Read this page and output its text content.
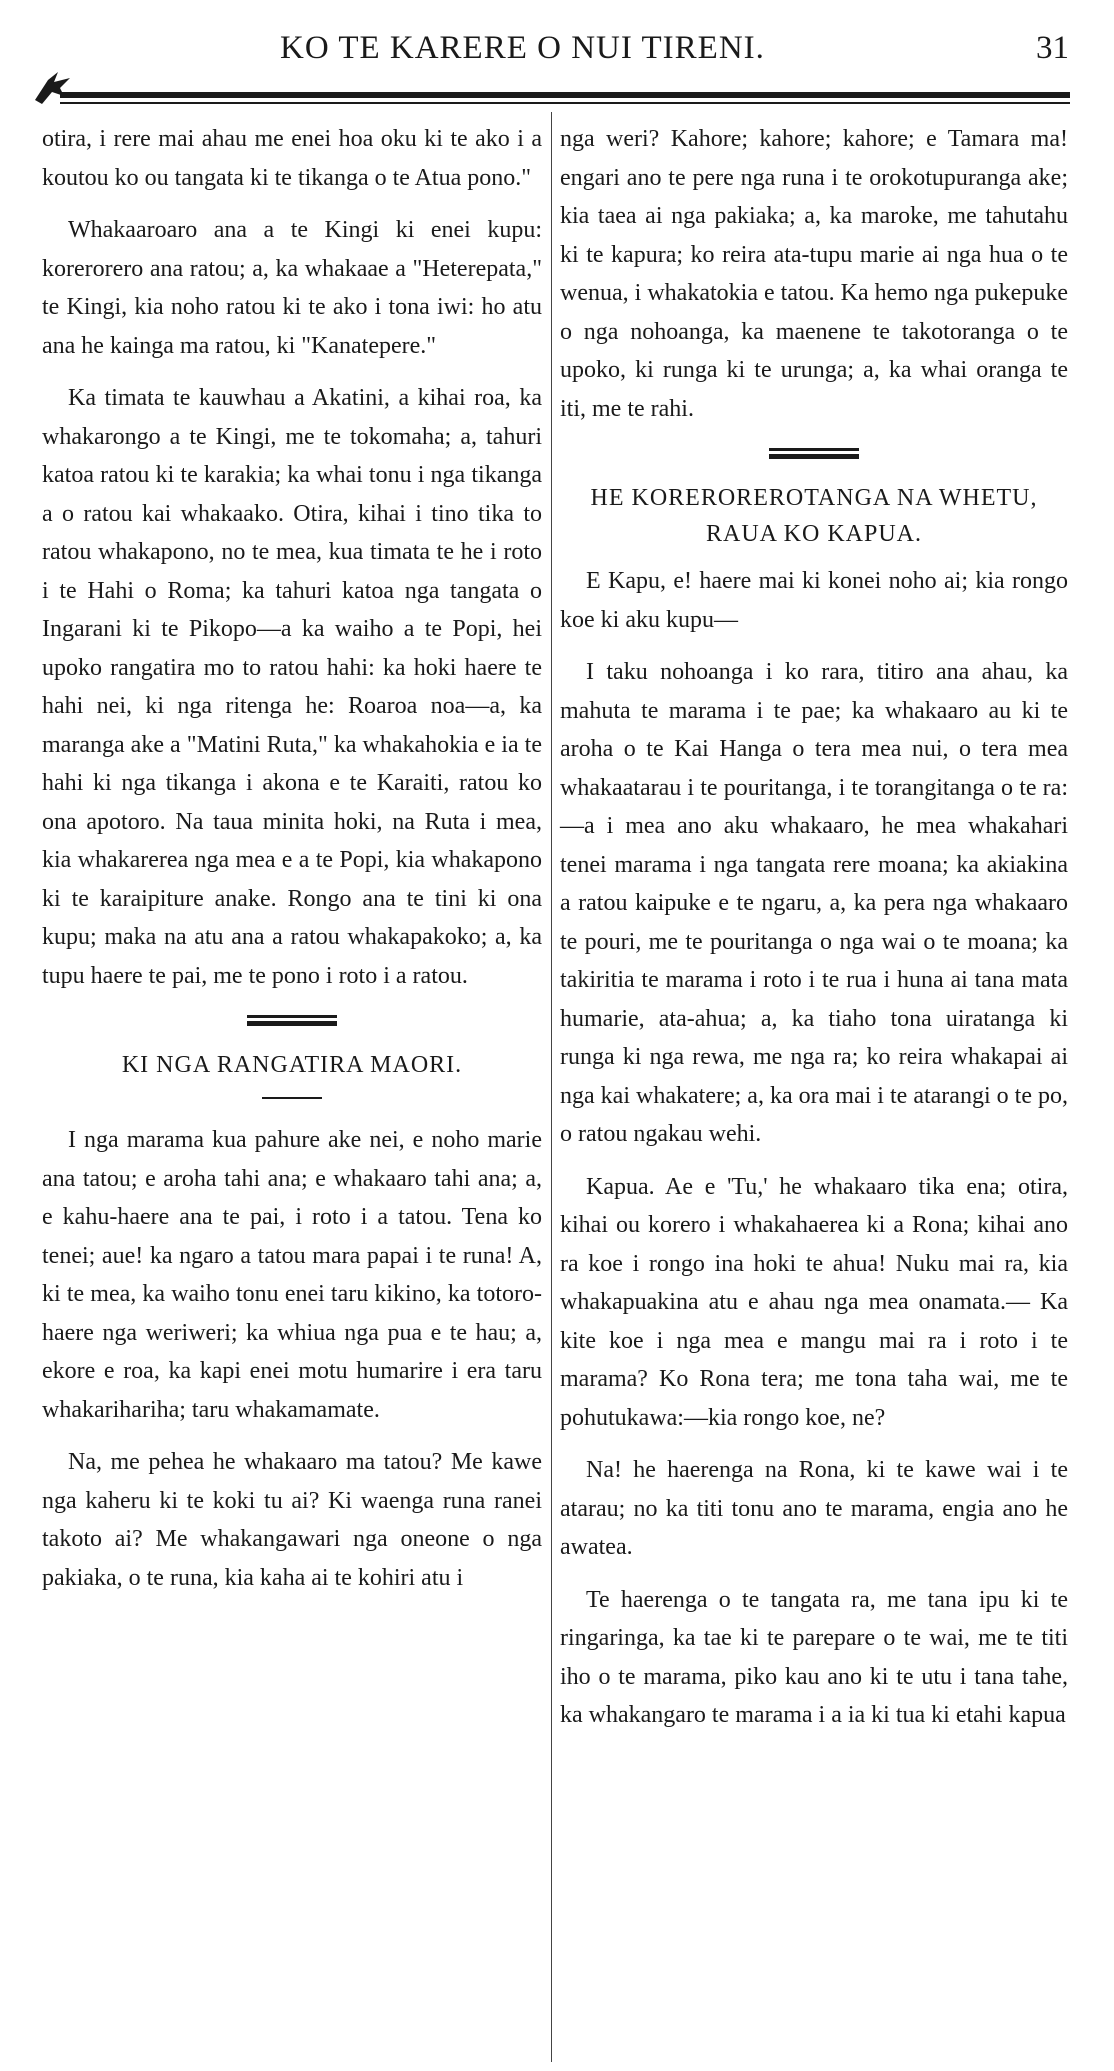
KO TE KARERE O NUI TIRENI.	31

otira, i rere mai ahau me enei hoa oku ki te ako i a koutou ko ou tangata ki te tikanga o te Atua pono."

Whakaaroaro ana a te Kingi ki enei kupu: korerorero ana ratou; a, ka whakaae a "Heterepata," te Kingi, kia noho ratou ki te ako i tona iwi: ho atu ana he kainga ma ratou, ki "Kanatepere."

Ka timata te kauwhau a Akatini, a kihai roa, ka whakarongo a te Kingi, me te tokomaha; a, tahuri katoa ratou ki te karakia; ka whai tonu i nga tikanga a o ratou kai whakaako. Otira, kihai i tino tika to ratou whakapono, no te mea, kua timata te he i roto i te Hahi o Roma; ka tahuri katoa nga tangata o Ingarani ki te Pikopo—a ka waiho a te Popi, hei upoko rangatira mo to ratou hahi: ka hoki haere te hahi nei, ki nga ritenga he: Roaroa noa—a, ka maranga ake a "Matini Ruta," ka whakahokia e ia te hahi ki nga tikanga i akona e te Karaiti, ratou ko ona apotoro. Na taua minita hoki, na Ruta i mea, kia whakarerea nga mea e a te Popi, kia whakapono ki te karaipiture anake. Rongo ana te tini ki ona kupu; maka na atu ana a ratou whakapakoko; a, ka tupu haere te pai, me te pono i roto i a ratou.

KI NGA RANGATIRA MAORI.

I nga marama kua pahure ake nei, e noho marie ana tatou; e aroha tahi ana; e whakaaro tahi ana; a, e kahu-haere ana te pai, i roto i a tatou. Tena ko tenei; aue! ka ngaro a tatou mara papai i te runa! A, ki te mea, ka waiho tonu enei taru kikino, ka totoro-haere nga weriweri; ka whiua nga pua e te hau; a, ekore e roa, ka kapi enei motu humarire i era taru whakarihariha; taru whakamamate.

Na, me pehea he whakaaro ma tatou? Me kawe nga kaheru ki te koki tu ai? Ki waenga runa ranei takoto ai? Me whakangawari nga oneone o nga pakiaka, o te runa, kia kaha ai te kohiri atu i

nga weri? Kahore; kahore; kahore; e Tamara ma! engari ano te pere nga runa i te orokotupuranga ake; kia taea ai nga pakiaka; a, ka maroke, me tahutahu ki te kapura; ko reira ata-tupu marie ai nga hua o te wenua, i whakatokia e tatou. Ka hemo nga pukepuke o nga nohoanga, ka maenene te takotoranga o te upoko, ki runga ki te urunga; a, ka whai oranga te iti, me te rahi.

HE KOREROREROTANGA NA WHETU,
RAUA KO KAPUA.

E Kapu, e! haere mai ki konei noho ai; kia rongo koe ki aku kupu—

I taku nohoanga i ko rara, titiro ana ahau, ka mahuta te marama i te pae; ka whakaaro au ki te aroha o te Kai Hanga o tera mea nui, o tera mea whakaatarau i te pouritanga, i te torangitanga o te ra: —a i mea ano aku whakaaro, he mea whakahari tenei marama i nga tangata rere moana; ka akiakina a ratou kaipuke e te ngaru, a, ka pera nga whakaaro te pouri, me te pouritanga o nga wai o te moana; ka takiritia te marama i roto i te rua i huna ai tana mata humarie, ata-ahua; a, ka tiaho tona uiratanga ki runga ki nga rewa, me nga ra; ko reira whakapai ai nga kai whakatere; a, ka ora mai i te atarangi o te po, o ratou ngakau wehi.

Kapua. Ae e 'Tu,' he whakaaro tika ena; otira, kihai ou korero i whakahaerea ki a Rona; kihai ano ra koe i rongo ina hoki te ahua! Nuku mai ra, kia whakapuakina atu e ahau nga mea onamata.— Ka kite koe i nga mea e mangu mai ra i roto i te marama? Ko Rona tera; me tona taha wai, me te pohutukawa:—kia rongo koe, ne?

Na! he haerenga na Rona, ki te kawe wai i te atarau; no ka titi tonu ano te marama, engia ano he awatea.

Te haerenga o te tangata ra, me tana ipu ki te ringaringa, ka tae ki te parepare o te wai, me te titi iho o te marama, piko kau ano ki te utu i tana tahe, ka whakangaro te marama i a ia ki tua ki etahi kapua
